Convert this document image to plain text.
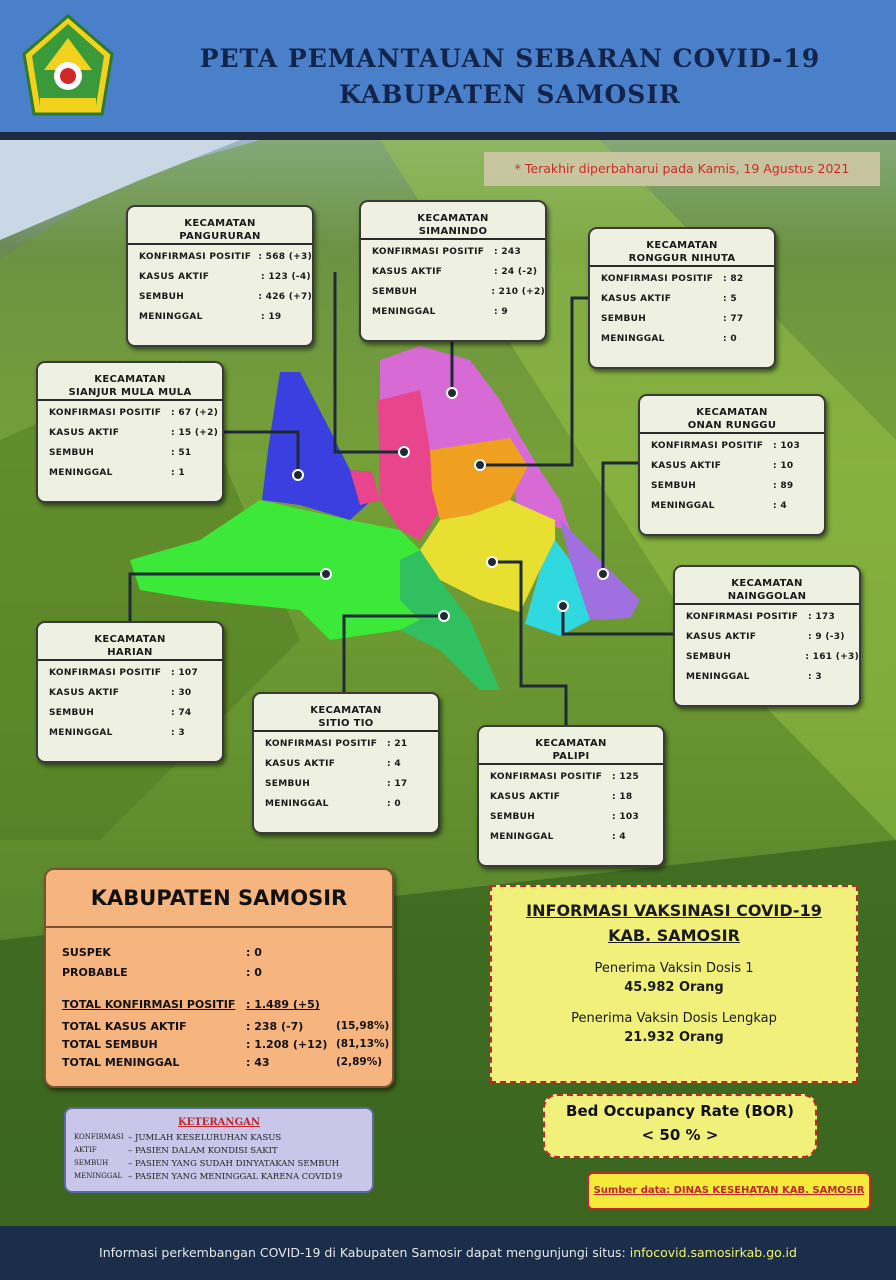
PETA PEMANTAUAN SEBARAN COVID-19
KABUPATEN SAMOSIR
* Terakhir diperbaharui pada Kamis, 19 Agustus 2021
KECAMATAN
PANGURURAN
KONFIRMASI POSITIF : 568 (+3)
KASUS AKTIF	: 123 (-4)
SEMBUH	: 426 (+7)
MENINGGAL	: 19
KECAMATAN
SIMANINDO
KONFIRMASI POSITIF	: 243
KASUS AKTIF	: 24 (-2)
SEMBUH	: 210 (+2)
MENINGGAL	: 9
KECAMATAN
RONGGUR NIHUTA
KONFIRMASI POSITIF	: 82
KASUS AKTIF	: 5
SEMBUH	: 77
MENINGGAL	: 0
KECAMATAN
SIANJUR MULA MULA
KONFIRMASI POSITIF	: 67 (+2)
KASUS AKTIF	: 15 (+2)
SEMBUH	: 51
MENINGGAL	: 1
KECAMATAN
ONAN RUNGGU
KONFIRMASI POSITIF	: 103
KASUS AKTIF	: 10
SEMBUH	: 89
MENINGGAL	: 4
KECAMATAN
NAINGGOLAN
KONFIRMASI POSITIF	: 173
KASUS AKTIF	: 9 (-3)
SEMBUH	: 161 (+3)
MENINGGAL	: 3
KECAMATAN
HARIAN
KONFIRMASI POSITIF	: 107
KASUS AKTIF	: 30
SEMBUH	: 74
MENINGGAL	: 3
KECAMATAN
SITIO TIO
KONFIRMASI POSITIF	: 21
KASUS AKTIF	: 4
SEMBUH	: 17
MENINGGAL	: 0
KECAMATAN
PALIPI
KONFIRMASI POSITIF	: 125
KASUS AKTIF	: 18
SEMBUH	: 103
MENINGGAL	: 4
KABUPATEN SAMOSIR
SUSPEK	: 0
PROBABLE	: 0
TOTAL KONFIRMASI POSITIF : 1.489 (+5)
TOTAL KASUS AKTIF	: 238 (-7)	(15,98%)
TOTAL SEMBUH	: 1.208 (+12) (81,13%)
TOTAL MENINGGAL	: 43	(2,89%)
INFORMASI VAKSINASI COVID-19
KAB. SAMOSIR
Penerima Vaksin Dosis 1
45.982 Orang
Penerima Vaksin Dosis Lengkap
21.932 Orang
Bed Occupancy Rate (BOR)
< 50 % >
KETERANGAN
KONFIRMASI – JUMLAH KESELURUHAN KASUS
AKTIF	– PASIEN DALAM KONDISI SAKIT
SEMBUH	– PASIEN YANG SUDAH DINYATAKAN SEMBUH
MENINGGAL – PASIEN YANG MENINGGAL KARENA COVID19
Sumber data: DINAS KESEHATAN KAB. SAMOSIR
Informasi perkembangan COVID-19 di Kabupaten Samosir dapat mengunjungi situs: infocovid.samosirkab.go.id
